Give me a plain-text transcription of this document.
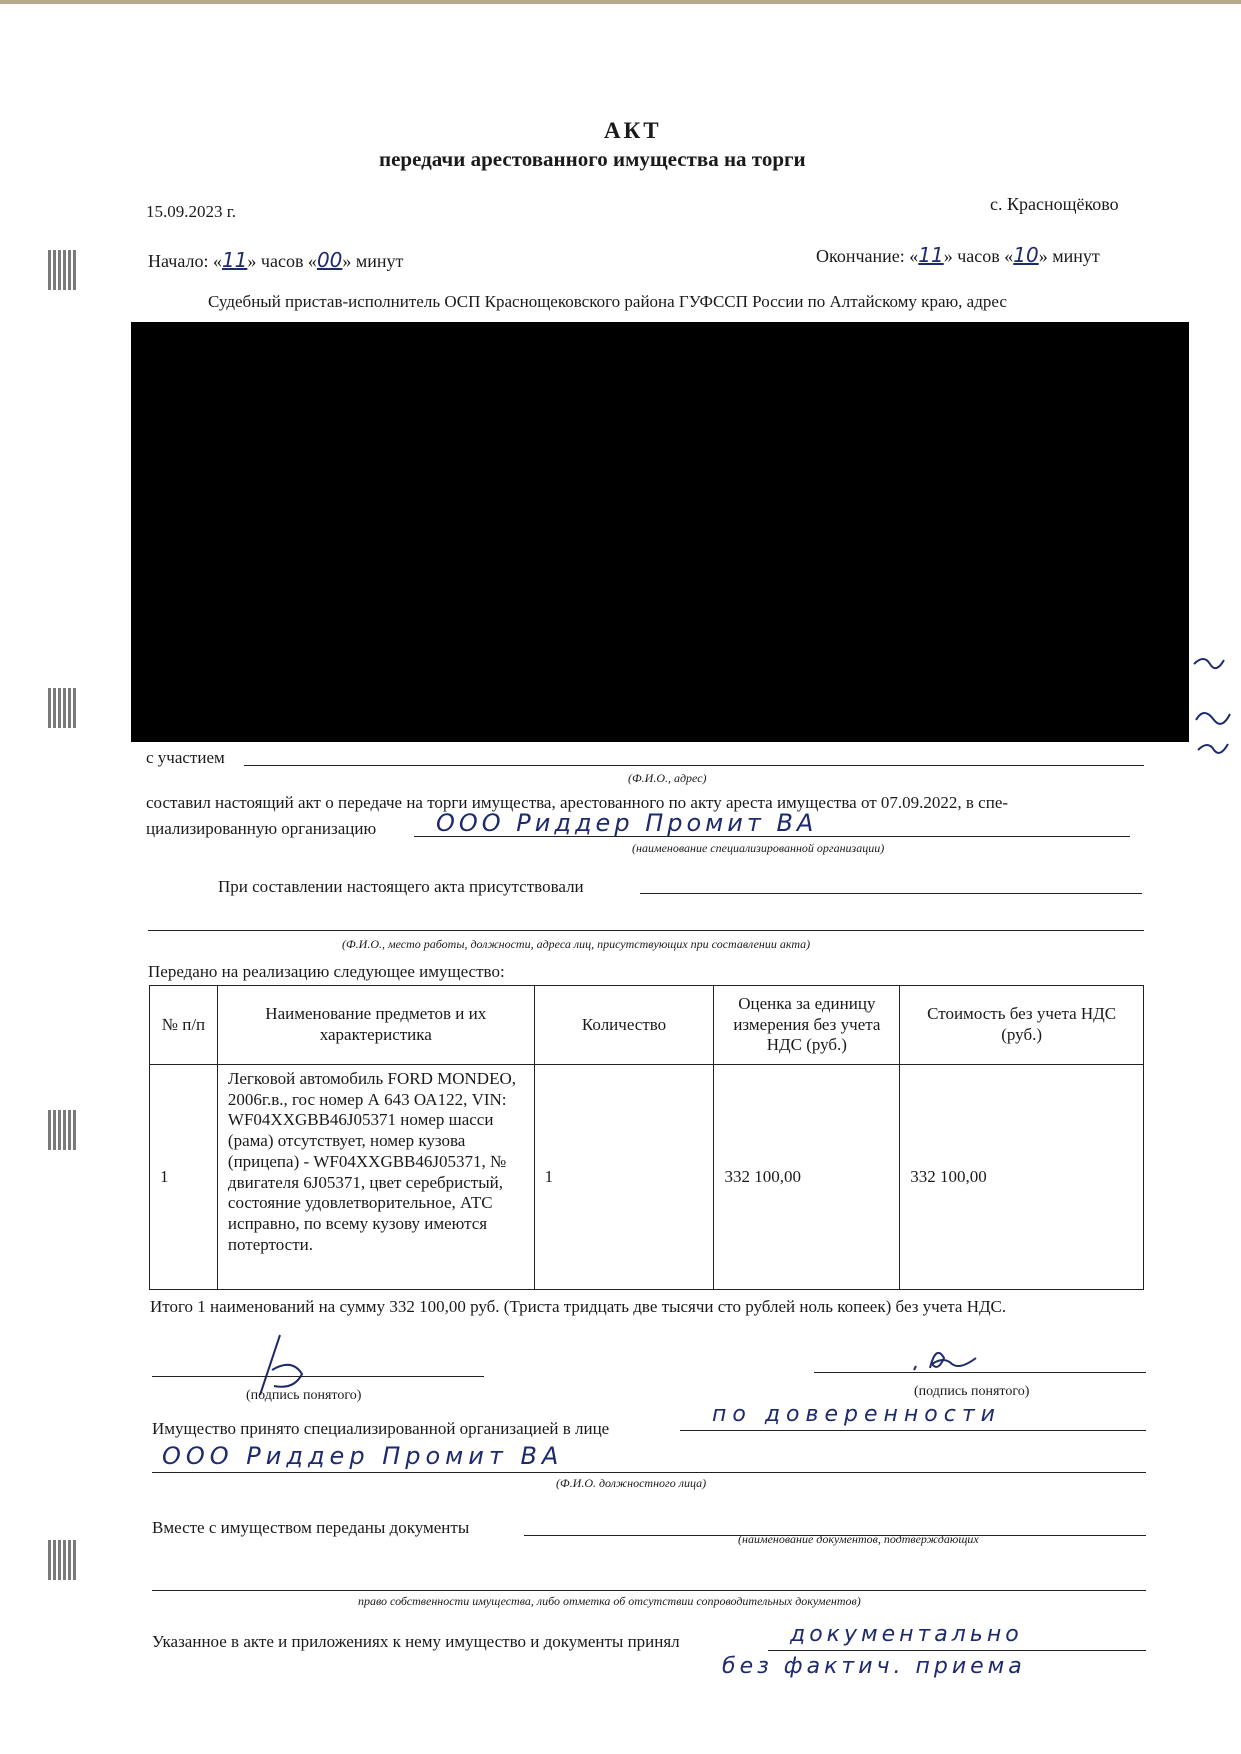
АКТ
передачи арестованного имущества на торги
15.09.2023 г.	с. Краснощёково
Начало: «11» часов «00» минут	Окончание: «11» часов «10» минут
Судебный пристав-исполнитель ОСП Краснощековского района ГУФССП России по Алтайскому краю, адрес
с участием
(Ф.И.О., адрес)
составил настоящий акт о передаче на торги имущества, арестованного по акту ареста имущества от 07.09.2022, в спе-
циализированную организацию ООО Риддер Промит ВА
(наименование специализированной организации)
При составлении настоящего акта присутствовали
(Ф.И.О., место работы, должности, адреса лиц, присутствующих при составлении акта)
Передано на реализацию следующее имущество:
№ п/п	Наименование предметов и их характеристика	Количество	Оценка за единицу измерения без учета НДС (руб.)	Стоимость без учета НДС (руб.)
1	Легковой автомобиль FORD MONDEO, 2006г.в., гос номер А 643 ОА122, VIN: WF04XXGBB46J05371 номер шасси (рама) отсутствует, номер кузова (прицепа) - WF04XXGBB46J05371, № двигателя 6J05371, цвет серебристый, состояние удовлетворительное, АТС исправно, по всему кузову имеются потертости.	1	332 100,00	332 100,00
Итого 1 наименований на сумму 332 100,00 руб. (Триста тридцать две тысячи сто рублей ноль копеек) без учета НДС.
(подпись понятого)	(подпись понятого)
Имущество принято специализированной организацией в лице
по доверенности
ООО Риддер Промит ВА
(Ф.И.О. должностного лица)
Вместе с имуществом переданы документы
(наименование документов, подтверждающих
право собственности имущества, либо отметка об отсутствии сопроводительных документов)
Указанное в акте и приложениях к нему имущество и документы принял	документально
без фактич. приема
